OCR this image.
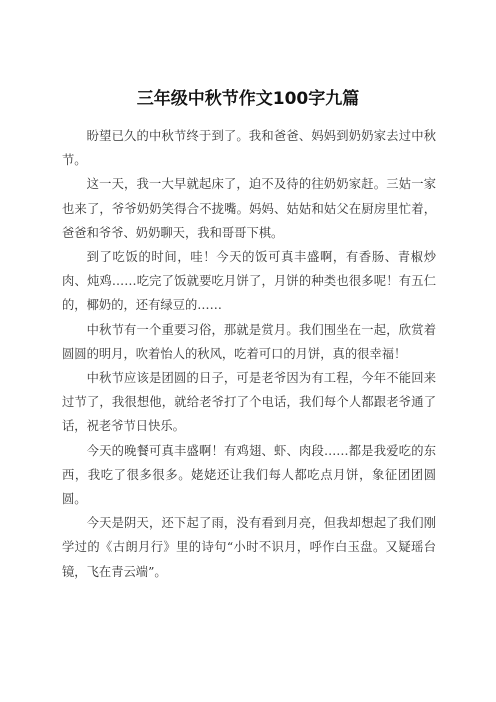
三年级中秋节作文100字九篇

盼望已久的中秋节终于到了。我和爸爸、妈妈到奶奶家去过中秋节。

这一天，我一大早就起床了，迫不及待的往奶奶家赶。三姑一家也来了，爷爷奶奶笑得合不拢嘴。妈妈、姑姑和姑父在厨房里忙着，爸爸和爷爷、奶奶聊天，我和哥哥下棋。

到了吃饭的时间，哇！今天的饭可真丰盛啊，有香肠、青椒炒肉、炖鸡……吃完了饭就要吃月饼了，月饼的种类也很多呢！有五仁的，椰奶的，还有绿豆的……

中秋节有一个重要习俗，那就是赏月。我们围坐在一起，欣赏着圆圆的明月，吹着怡人的秋风，吃着可口的月饼，真的很幸福！

中秋节应该是团圆的日子，可是老爷因为有工程，今年不能回来过节了，我很想他，就给老爷打了个电话，我们每个人都跟老爷通了话，祝老爷节日快乐。

今天的晚餐可真丰盛啊！有鸡翅、虾、肉段……都是我爱吃的东西，我吃了很多很多。姥姥还让我们每人都吃点月饼，象征团团圆圆。

今天是阴天，还下起了雨，没有看到月亮，但我却想起了我们刚学过的《古朗月行》里的诗句“小时不识月，呼作白玉盘。又疑瑶台镜，飞在青云端”。
